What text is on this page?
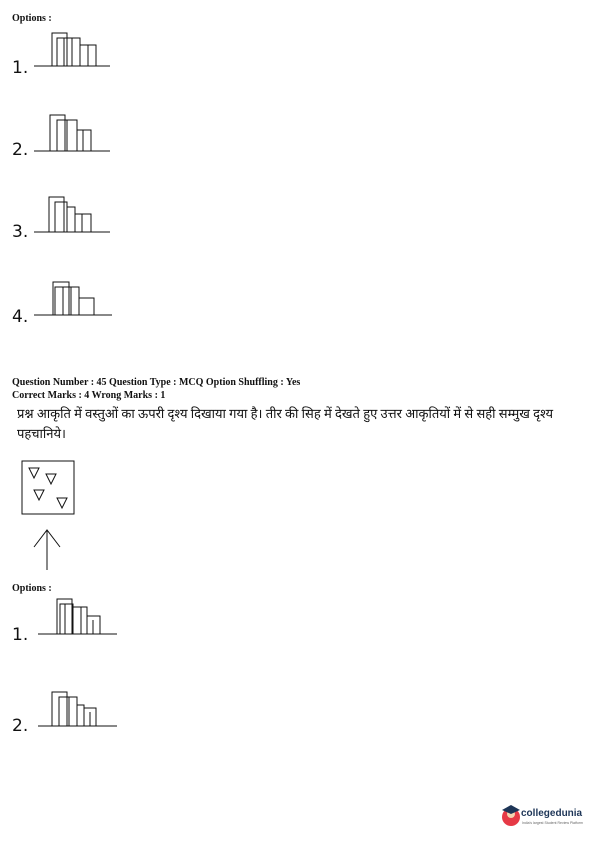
Options :
1.
2.
3.
4.
Question Number : 45 Question Type : MCQ Option Shuffling : Yes
Correct Marks : 4 Wrong Marks : 1
प्रश्न आकृति में वस्तुओं का ऊपरी दृश्य दिखाया गया है। तीर की सिह में देखते हुए उत्तर आकृतियों में से सही सम्मुख दृश्य पहचानिये।
Options :
1.
2.
collegedunia
India's largest Student Review Platform
